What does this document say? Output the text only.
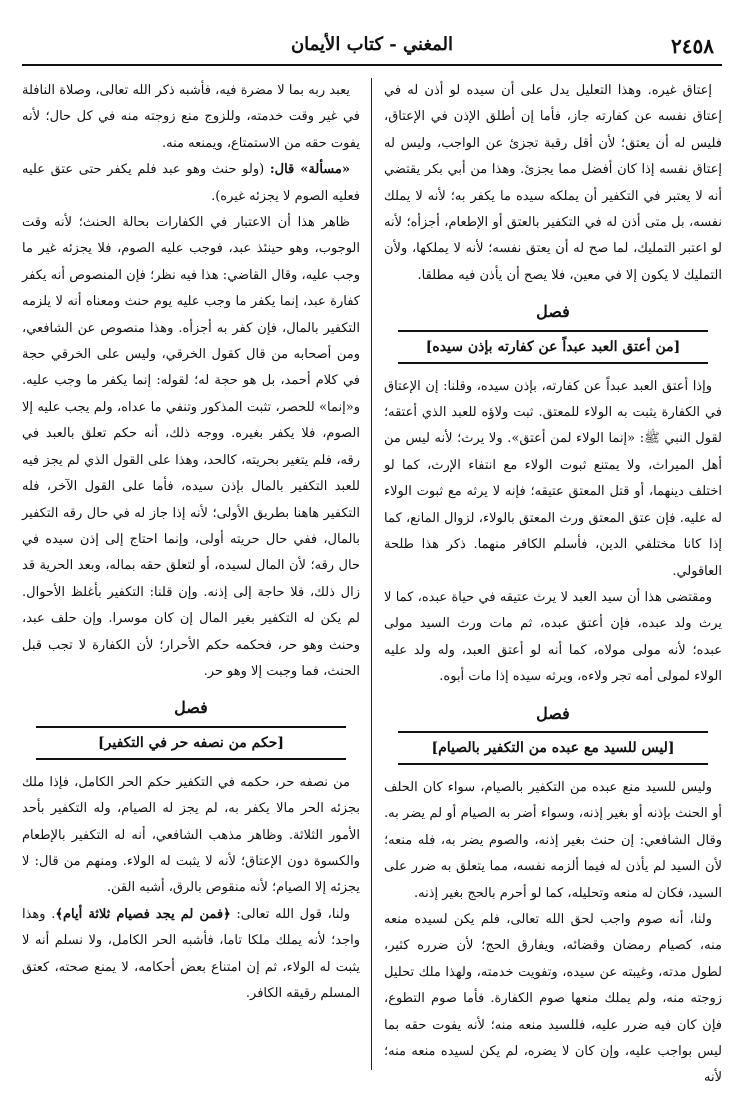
٢٤٥٨
المغني - كتاب الأيمان

إعتاق غيره. وهذا التعليل يدل على أن سيده لو أذن له في إعتاق نفسه عن كفارته جاز، فأما إن أطلق الإذن في الإعتاق، فليس له أن يعتق؛ لأن أقل رقبة تجزئ عن الواجب، وليس له إعتاق نفسه إذا كان أفضل مما يجزئ. وهذا من أبي بكر يقتضي أنه لا يعتبر في التكفير أن يملكه سيده ما يكفر به؛ لأنه لا يملك نفسه، بل متى أذن له في التكفير بالعتق أو الإطعام، أجزأه؛ لأنه لو اعتبر التمليك، لما صح له أن يعتق نفسه؛ لأنه لا يملكها، ولأن التمليك لا يكون إلا في معين، فلا يصح أن يأذن فيه مطلقا.

فصل
[من أعتق العبد عبداً عن كفارته بإذن سيده]

وإذا أعتق العبد عبداً عن كفارته، بإذن سيده، وقلنا: إن الإعتاق في الكفارة يثبت به الولاء للمعتق. ثبت ولاؤه للعبد الذي أعتقه؛ لقول النبي ﷺ: «إنما الولاء لمن أعتق». ولا يرث؛ لأنه ليس من أهل الميراث، ولا يمتنع ثبوت الولاء مع انتفاء الإرث، كما لو اختلف دينهما، أو قتل المعتق عتيقه؛ فإنه لا يرثه مع ثبوت الولاء له عليه. فإن عتق المعتق ورث المعتق بالولاء، لزوال المانع، كما إذا كانا مختلفي الدين، فأسلم الكافر منهما. ذكر هذا طلحة العاقولي.

ومقتضى هذا أن سيد العبد لا يرث عتيقه في حياة عبده، كما لا يرث ولد عبده، فإن أعتق عبده، ثم مات ورث السيد مولى عبده؛ لأنه مولى مولاه، كما أنه لو أعتق العبد، وله ولد عليه الولاء لمولى أمه تجر ولاءه، ويرثه سيده إذا مات أبوه.

فصل
[ليس للسيد مع عبده من التكفير بالصيام]

وليس للسيد منع عبده من التكفير بالصيام، سواء كان الحلف أو الحنث بإذنه أو بغير إذنه، وسواء أضر به الصيام أو لم يضر به. وقال الشافعي: إن حنث بغير إذنه، والصوم يضر به، فله منعه؛ لأن السيد لم يأذن له فيما ألزمه نفسه، مما يتعلق به ضرر على السيد، فكان له منعه وتحليله، كما لو أحرم بالحج بغير إذنه.

ولنا، أنه صوم واجب لحق الله تعالى، فلم يكن لسيده منعه منه، كصيام رمضان وقضائه، ويفارق الحج؛ لأن ضرره كثير، لطول مدته، وغيبته عن سيده، وتفويت خدمته، ولهذا ملك تحليل زوجته منه، ولم يملك منعها صوم الكفارة. فأما صوم التطوع، فإن كان فيه ضرر عليه، فللسيد منعه منه؛ لأنه يفوت حقه بما ليس بواجب عليه، وإن كان لا يضره، لم يكن لسيده منعه منه؛ لأنه

يعبد ربه بما لا مضرة فيه، فأشبه ذكر الله تعالى، وصلاة النافلة في غير وقت خدمته، وللزوج منع زوجته منه في كل حال؛ لأنه يفوت حقه من الاستمتاع، ويمنعه منه.

«مسألة» قال: (ولو حنث وهو عبد فلم يكفر حتى عتق عليه فعليه الصوم لا يجزئه غيره).

ظاهر هذا أن الاعتبار في الكفارات بحالة الحنث؛ لأنه وقت الوجوب، وهو حينئذ عبد، فوجب عليه الصوم، فلا يجزئه غير ما وجب عليه، وقال القاضي: هذا فيه نظر؛ فإن المنصوص أنه يكفر كفارة عبد، إنما يكفر ما وجب عليه يوم حنث ومعناه أنه لا يلزمه التكفير بالمال، فإن كفر به أجزأه. وهذا منصوص عن الشافعي، ومن أصحابه من قال كقول الخرقي، وليس على الخرقي حجة في كلام أحمد، بل هو حجة له؛ لقوله: إنما يكفر ما وجب عليه. و«إنما» للحصر، تثبت المذكور وتنفي ما عداه، ولم يجب عليه إلا الصوم، فلا يكفر بغيره. ووجه ذلك، أنه حكم تعلق بالعبد في رقه، فلم يتغير بحريته، كالحد، وهذا على القول الذي لم يجز فيه للعبد التكفير بالمال بإذن سيده، فأما على القول الآخر، فله التكفير هاهنا بطريق الأولى؛ لأنه إذا جاز له في حال رقه التكفير بالمال، ففي حال حريته أولى، وإنما احتاج إلى إذن سيده في حال رقه؛ لأن المال لسيده، أو لتعلق حقه بماله، وبعد الحرية قد زال ذلك، فلا حاجة إلى إذنه. وإن قلنا: التكفير بأغلظ الأحوال. لم يكن له التكفير بغير المال إن كان موسرا. وإن حلف عبد، وحنث وهو حر، فحكمه حكم الأحرار؛ لأن الكفارة لا تجب قبل الحنث، فما وجبت إلا وهو حر.

فصل
[حكم من نصفه حر في التكفير]

من نصفه حر، حكمه في التكفير حكم الحر الكامل، فإذا ملك بجزئه الحر مالا يكفر به، لم يجز له الصيام، وله التكفير بأحد الأمور الثلاثة. وظاهر مذهب الشافعي، أنه له التكفير بالإطعام والكسوة دون الإعتاق؛ لأنه لا يثبت له الولاء. ومنهم من قال: لا يجزئه إلا الصيام؛ لأنه منقوص بالرق، أشبه القن.

ولنا، قول الله تعالى: ﴿فمن لم يجد فصيام ثلاثة أيام﴾. وهذا واجد؛ لأنه يملك ملكا تاما، فأشبه الحر الكامل، ولا نسلم أنه لا يثبت له الولاء، ثم إن امتناع بعض أحكامه، لا يمنع صحته، كعتق المسلم رقيقه الكافر.
